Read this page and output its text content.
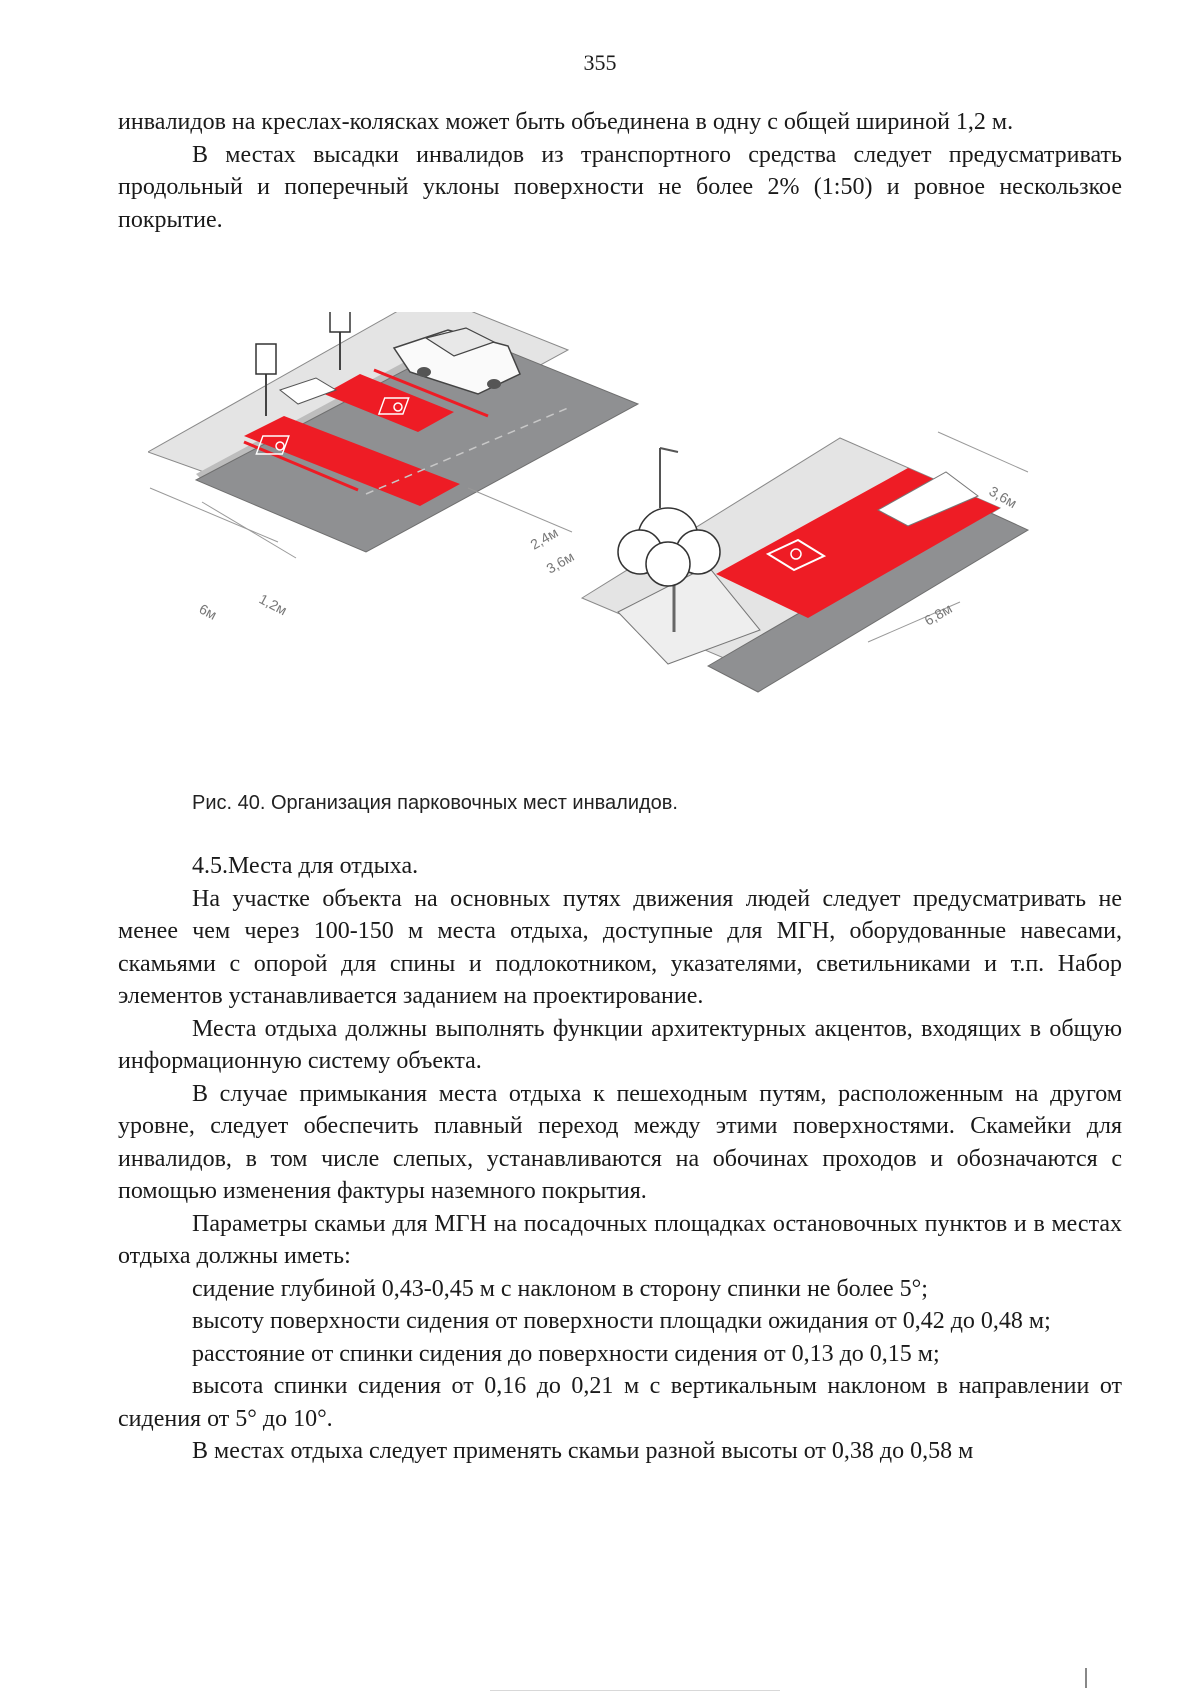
355

инвалидов на креслах-колясках может быть объединена в одну с общей шириной 1,2 м.

В местах высадки инвалидов из транспортного средства следует предусматривать продольный и поперечный уклоны поверхности не более 2% (1:50) и ровное нескользкое покрытие.

2,4м
3,6м
1,2м
6м
3,6м
6,8м
Рис. 40. Организация парковочных мест инвалидов.

4.5.Места для отдыха.

На участке объекта на основных путях движения людей следует предусматривать не менее чем через 100-150 м места отдыха, доступные для МГН, оборудованные навесами, скамьями с опорой для спины и подлокотником, указателями, светильниками и т.п. Набор элементов устанавливается заданием на проектирование.

Места отдыха должны выполнять функции архитектурных акцентов, входящих в общую информационную систему объекта.

В случае примыкания места отдыха к пешеходным путям, расположенным на другом уровне, следует обеспечить плавный переход между этими поверхностями. Скамейки для инвалидов, в том числе слепых, устанавливаются на обочинах проходов и обозначаются с помощью изменения фактуры наземного покрытия.

Параметры скамьи для МГН на посадочных площадках остановочных пунктов и в местах отдыха должны иметь:

сидение глубиной 0,43-0,45 м с наклоном в сторону спинки не более 5°;

высоту поверхности сидения от поверхности площадки ожидания от 0,42 до 0,48 м;

расстояние от спинки сидения до поверхности сидения от 0,13 до 0,15 м;

высота спинки сидения от 0,16 до 0,21 м с вертикальным наклоном в направлении от сидения от 5° до 10°.

В местах отдыха следует применять скамьи разной высоты от 0,38 до 0,58 м
